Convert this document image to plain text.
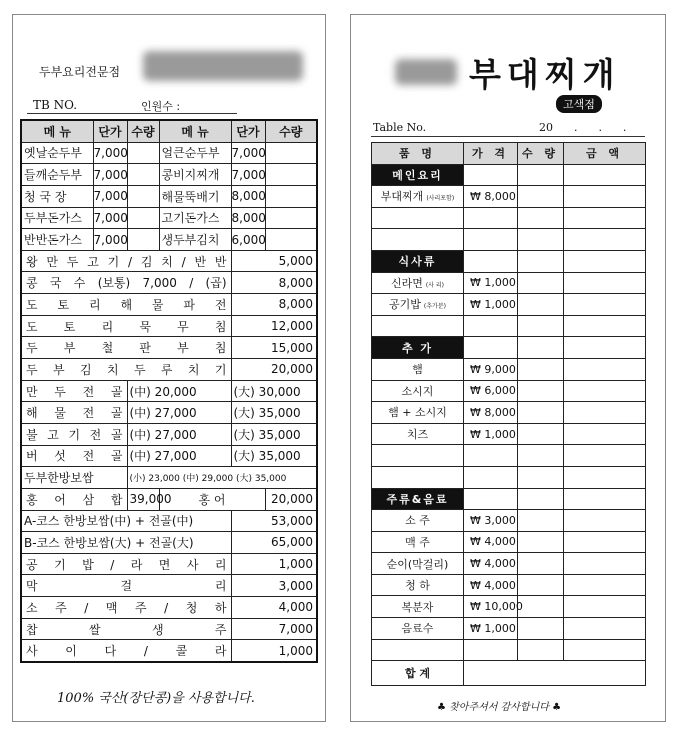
두부요리전문점
TB NO.	인원수 :
메 뉴	단가	수량	메 뉴	단가	수량
옛날순두부	7,000		얼큰순두부	7,000	
들깨순두부	7,000		콩비지찌개	7,000	
청 국 장	7,000		해물뚝배기	8,000	
두부돈가스	7,000		고기돈가스	8,000	
반반돈가스	7,000		생두부김치	6,000	
왕 만 두 고 기 / 김 치 / 반 반				5,000	
콩 국 수 (보통) 7,000 / (곱)				8,000	
도 토 리 해 물 파 전				8,000	
도 토 리 묵 무 침				12,000	
두 부 철 판 부 침				15,000	
두 부 김 치 두 루 치 기				20,000	
만 두 전 골		(中) 20,000		(大) 30,000	
해 물 전 골		(中) 27,000		(大) 35,000	
불 고 기 전 골		(中) 27,000		(大) 35,000	
버 섯 전 골		(中) 27,000		(大) 35,000	
두부한방보쌈		(小) 23,000 (中) 29,000 (大) 35,000			
홍 어 삼 합		39,000	홍 어		20,000
A-코스 한방보쌈(中) + 전골(中)				53,000	
B-코스 한방보쌈(大) + 전골(大)				65,000	
공 기 밥 / 라 면 사 리				1,000	
막 걸 리				3,000	
소 주 / 맥 주 / 청 하				4,000	
찹 쌀 생 주				7,000	
사 이 다 / 콜 라				1,000	
100% 국산(장단콩)을 사용합니다.
부대찌개
고색점
Table No.	20      .      .      .
품 명	가 격	수 량	금 액
메인요리			
부대찌개 (사리포함)	₩ 8,000		

식사류			
신라면 (사 리)	₩ 1,000		
공기밥 (추가분)	₩ 1,000		

추 가			
햄	₩ 9,000		
소시지	₩ 6,000		
햄 + 소시지	₩ 8,000		
치즈	₩ 1,000		

주류&음료			
소 주	₩ 3,000		
맥 주	₩ 4,000		
순이(막걸리)	₩ 4,000		
청 하	₩ 4,000		
복분자	₩ 10,000		
음료수	₩ 1,000		

합 계			
♣ 찾아주셔서 감사합니다 ♣
